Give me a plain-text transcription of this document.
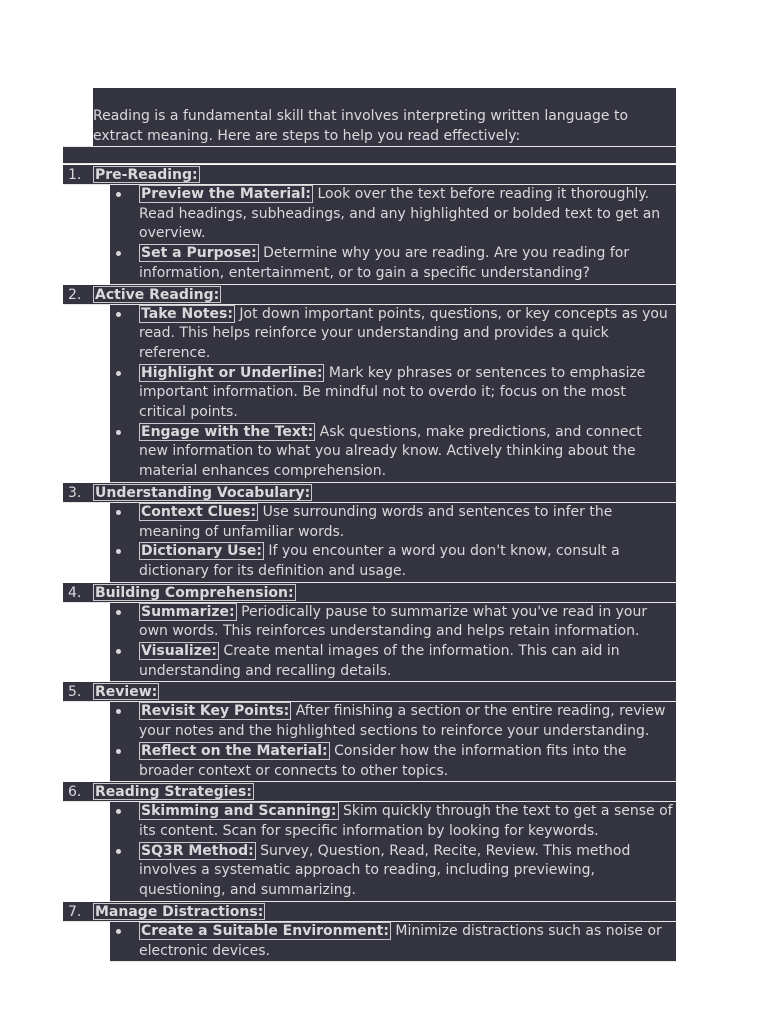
Reading is a fundamental skill that involves interpreting written language to extract meaning. Here are steps to help you read effectively:
1. Pre-Reading:
Preview the Material: Look over the text before reading it thoroughly. Read headings, subheadings, and any highlighted or bolded text to get an overview.
Set a Purpose: Determine why you are reading. Are you reading for information, entertainment, or to gain a specific understanding?
2. Active Reading:
Take Notes: Jot down important points, questions, or key concepts as you read. This helps reinforce your understanding and provides a quick reference.
Highlight or Underline: Mark key phrases or sentences to emphasize important information. Be mindful not to overdo it; focus on the most critical points.
Engage with the Text: Ask questions, make predictions, and connect new information to what you already know. Actively thinking about the material enhances comprehension.
3. Understanding Vocabulary:
Context Clues: Use surrounding words and sentences to infer the meaning of unfamiliar words.
Dictionary Use: If you encounter a word you don't know, consult a dictionary for its definition and usage.
4. Building Comprehension:
Summarize: Periodically pause to summarize what you've read in your own words. This reinforces understanding and helps retain information.
Visualize: Create mental images of the information. This can aid in understanding and recalling details.
5. Review:
Revisit Key Points: After finishing a section or the entire reading, review your notes and the highlighted sections to reinforce your understanding.
Reflect on the Material: Consider how the information fits into the broader context or connects to other topics.
6. Reading Strategies:
Skimming and Scanning: Skim quickly through the text to get a sense of its content. Scan for specific information by looking for keywords.
SQ3R Method: Survey, Question, Read, Recite, Review. This method involves a systematic approach to reading, including previewing, questioning, and summarizing.
7. Manage Distractions:
Create a Suitable Environment: Minimize distractions such as noise or electronic devices.
